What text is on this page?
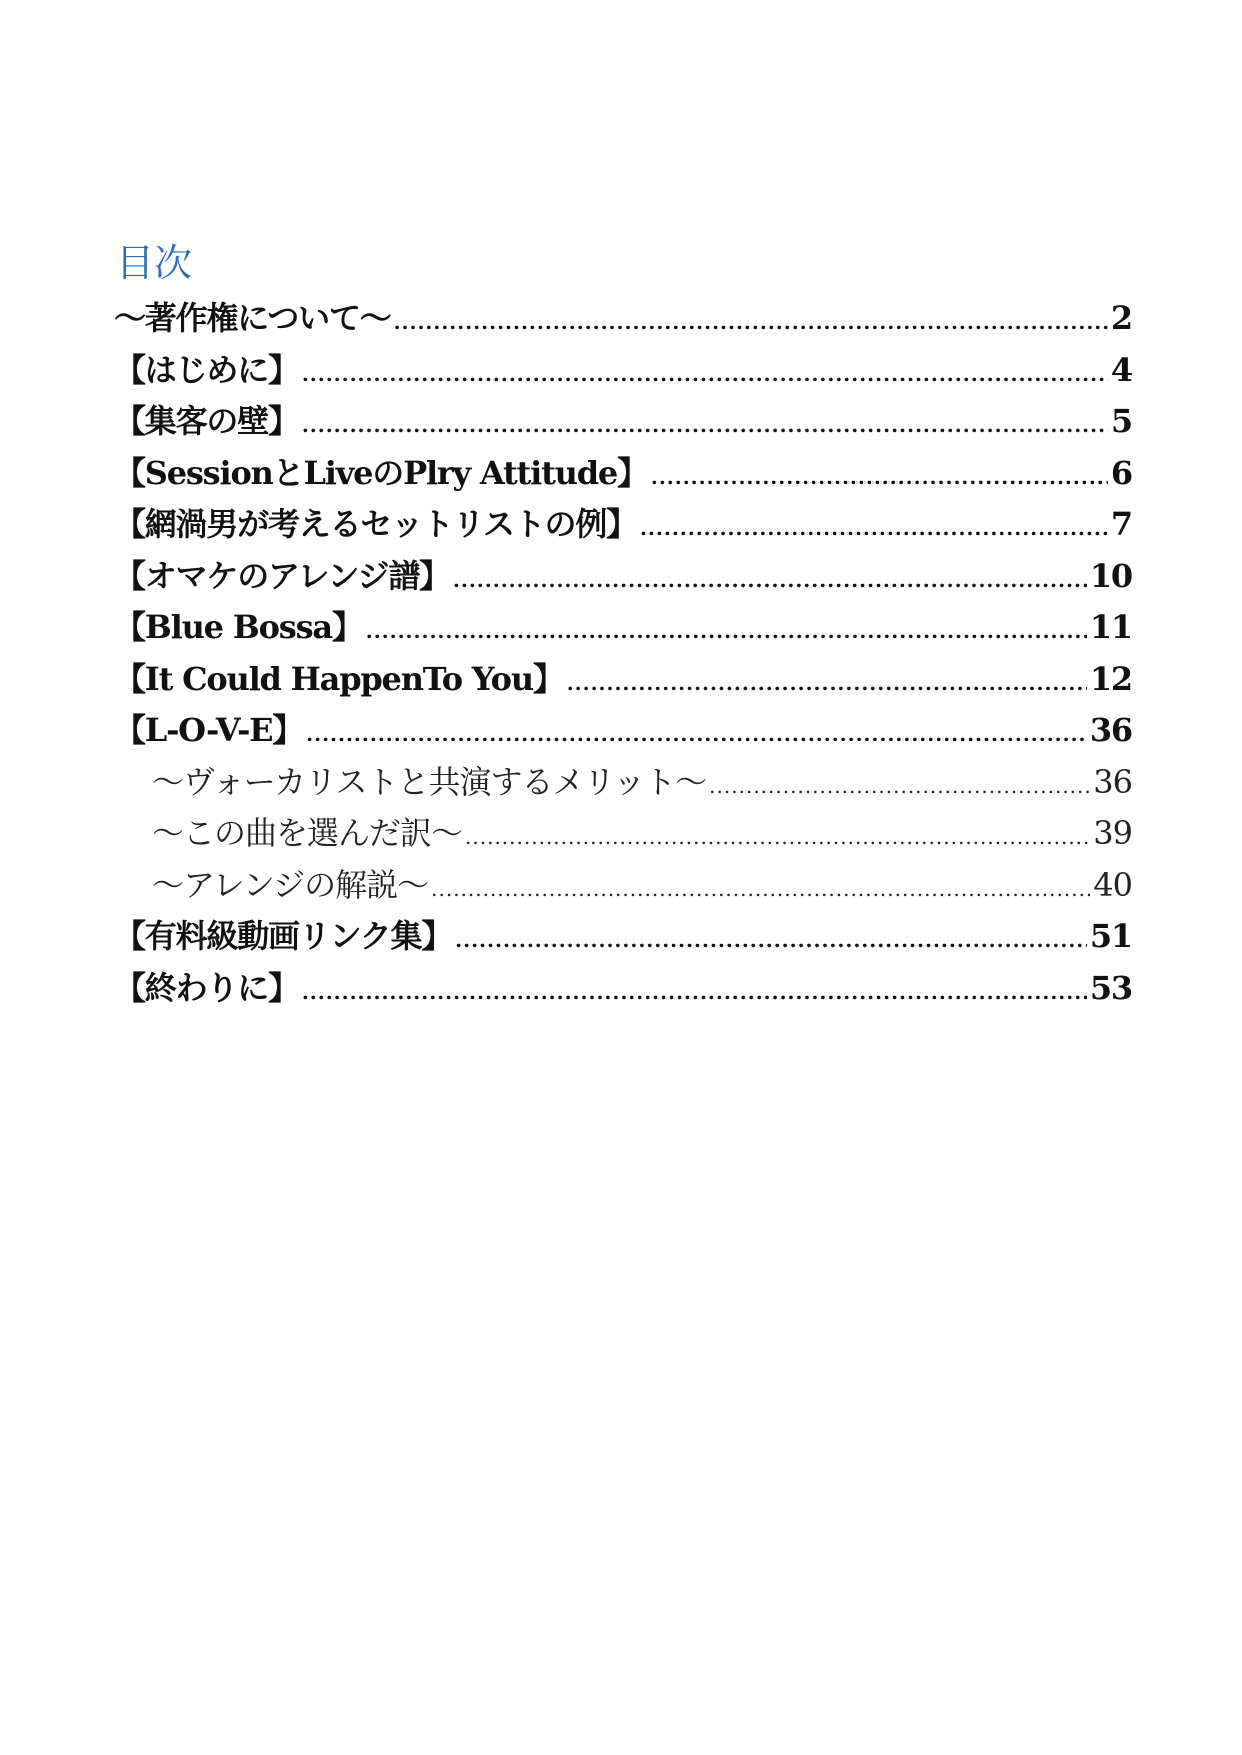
目次
～著作権について～ .....	2
【はじめに】 .....	4
【集客の壁】 .....	5
【SessionとLiveのPlry Attitude】 .....	6
【網渦男が考えるセットリストの例】 .....	7
【オマケのアレンジ譜】 .....	10
【Blue Bossa】 .....	11
【It Could HappenTo You】 .....	12
【L-O-V-E】 .....	36
～ヴォーカリストと共演するメリット～ .....	36
～この曲を選んだ訳～ .....	39
～アレンジの解説～ .....	40
【有料級動画リンク集】 .....	51
【終わりに】 .....	53
